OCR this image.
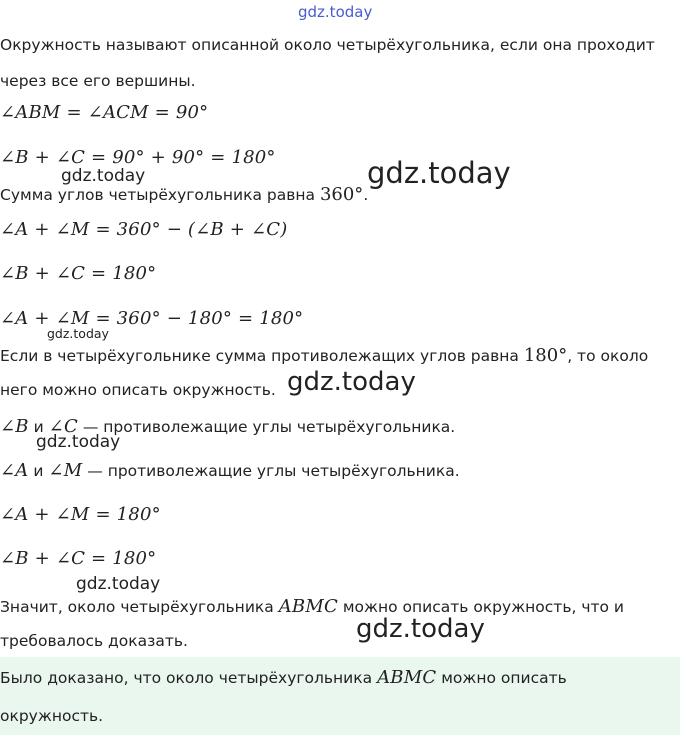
gdz.today
Окружность называют описанной около четырёхугольника, если она проходит
через все его вершины.
∠ABM = ∠ACM = 90°
∠B + ∠C = 90° + 90° = 180°
gdz.today	gdz.today
Сумма углов четырёхугольника равна 360°.
∠A + ∠M = 360° − (∠B + ∠C)
∠B + ∠C = 180°
∠A + ∠M = 360° − 180° = 180°
gdz.today
Если в четырёхугольнике сумма противолежащих углов равна 180°, то около
него можно описать окружность. gdz.today
∠B и ∠C — противолежащие углы четырёхугольника.
gdz.today
∠A и ∠M — противолежащие углы четырёхугольника.
∠A + ∠M = 180°
∠B + ∠C = 180°
gdz.today
Значит, около четырёхугольника ABMC можно описать окружность, что и
требовалось доказать.	gdz.today
Было доказано, что около четырёхугольника ABMC можно описать
окружность.
